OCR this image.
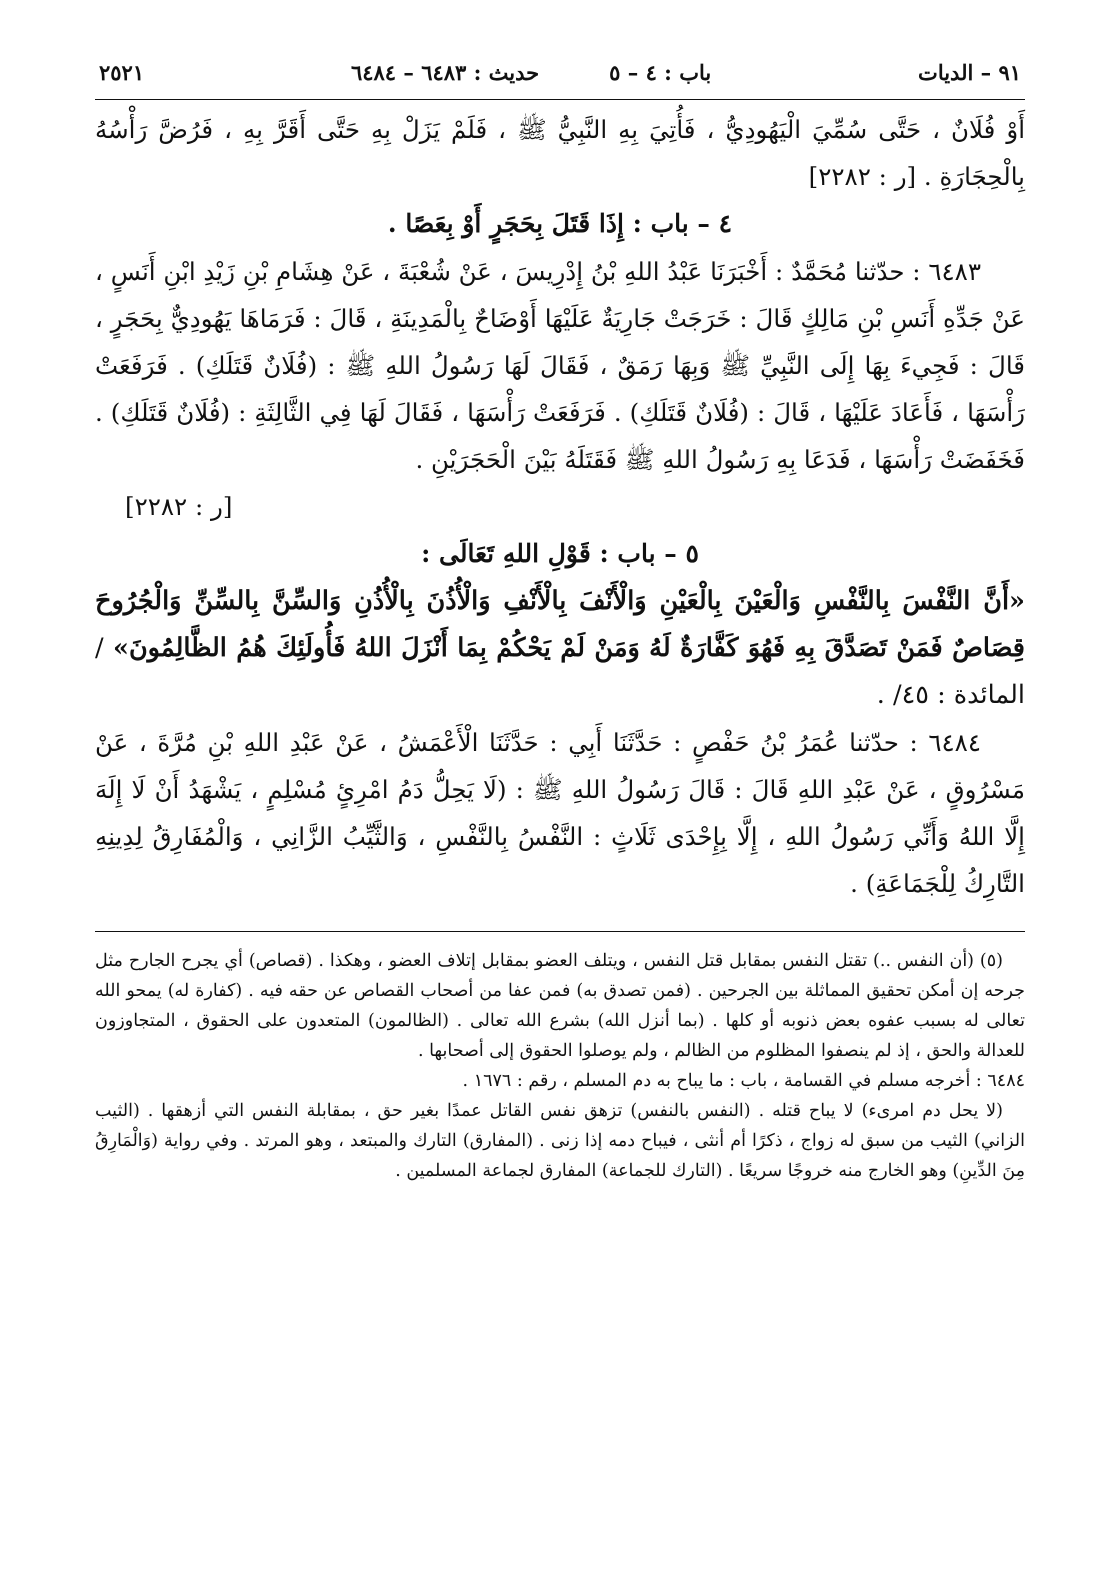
٩١ – الديات
باب : ٤ – ٥
حديث : ٦٤٨٣ – ٦٤٨٤
٢٥٢١

أَوْ فُلَانٌ ، حَتَّى سُمِّيَ الْيَهُودِيُّ ، فَأُتِيَ بِهِ النَّبِيُّ ﷺ ، فَلَمْ يَزَلْ بِهِ حَتَّى أَقَرَّ بِهِ ، فَرُضَّ رَأْسُهُ بِالْحِجَارَةِ . [ر : ٢٢٨٢]

٤ – باب : إِذَا قَتَلَ بِحَجَرٍ أَوْ بِعَصًا .

٦٤٨٣ : حدّثنا مُحَمَّدٌ : أَخْبَرَنَا عَبْدُ اللهِ بْنُ إِدْرِيسَ ، عَنْ شُعْبَةَ ، عَنْ هِشَامِ بْنِ زَيْدِ ابْنِ أَنَسٍ ، عَنْ جَدِّهِ أَنَسِ بْنِ مَالِكٍ قَالَ : خَرَجَتْ جَارِيَةٌ عَلَيْهَا أَوْضَاحٌ بِالْمَدِينَةِ ، قَالَ : فَرَمَاهَا يَهُودِيٌّ بِحَجَرٍ ، قَالَ : فَجِيءَ بِهَا إِلَى النَّبِيِّ ﷺ وَبِهَا رَمَقٌ ، فَقَالَ لَهَا رَسُولُ اللهِ ﷺ : (فُلَانٌ قَتَلَكِ) . فَرَفَعَتْ رَأْسَهَا ، فَأَعَادَ عَلَيْهَا ، قَالَ : (فُلَانٌ قَتَلَكِ) . فَرَفَعَتْ رَأْسَهَا ، فَقَالَ لَهَا فِي الثَّالِثَةِ : (فُلَانٌ قَتَلَكِ) . فَخَفَضَتْ رَأْسَهَا ، فَدَعَا بِهِ رَسُولُ اللهِ ﷺ فَقَتَلَهُ بَيْنَ الْحَجَرَيْنِ .

[ر : ٢٢٨٢]

٥ – باب : قَوْلِ اللهِ تَعَالَى :

«أَنَّ النَّفْسَ بِالنَّفْسِ وَالْعَيْنَ بِالْعَيْنِ وَالْأَنْفَ بِالْأَنْفِ وَالْأُذُنَ بِالْأُذُنِ وَالسِّنَّ بِالسِّنِّ وَالْجُرُوحَ قِصَاصٌ فَمَنْ تَصَدَّقَ بِهِ فَهُوَ كَفَّارَةٌ لَهُ وَمَنْ لَمْ يَحْكُمْ بِمَا أَنْزَلَ اللهُ فَأُولَئِكَ هُمُ الظَّالِمُونَ» /المائدة : ٤٥/ .

٦٤٨٤ : حدّثنا عُمَرُ بْنُ حَفْصٍ : حَدَّثَنَا أَبِي : حَدَّثَنَا الْأَعْمَشُ ، عَنْ عَبْدِ اللهِ بْنِ مُرَّةَ ، عَنْ مَسْرُوقٍ ، عَنْ عَبْدِ اللهِ قَالَ : قَالَ رَسُولُ اللهِ ﷺ : (لَا يَحِلُّ دَمُ امْرِئٍ مُسْلِمٍ ، يَشْهَدُ أَنْ لَا إِلَهَ إِلَّا اللهُ وَأَنِّي رَسُولُ اللهِ ، إِلَّا بِإِحْدَى ثَلَاثٍ : النَّفْسُ بِالنَّفْسِ ، وَالثَّيِّبُ الزَّانِي ، وَالْمُفَارِقُ لِدِينِهِ التَّارِكُ لِلْجَمَاعَةِ) .

(٥) (أن النفس ..) تقتل النفس بمقابل قتل النفس ، ويتلف العضو بمقابل إتلاف العضو ، وهكذا . (قصاص) أي يجرح الجارح مثل جرحه إن أمكن تحقيق المماثلة بين الجرحين . (فمن تصدق به) فمن عفا من أصحاب القصاص عن حقه فيه . (كفارة له) يمحو الله تعالى له بسبب عفوه بعض ذنوبه أو كلها . (بما أنزل الله) بشرع الله تعالى . (الظالمون) المتعدون على الحقوق ، المتجاوزون للعدالة والحق ، إذ لم ينصفوا المظلوم من الظالم ، ولم يوصلوا الحقوق إلى أصحابها .

٦٤٨٤ : أخرجه مسلم في القسامة ، باب : ما يباح به دم المسلم ، رقم : ١٦٧٦ .

(لا يحل دم امرىء) لا يباح قتله . (النفس بالنفس) تزهق نفس القاتل عمدًا بغير حق ، بمقابلة النفس التي أزهقها . (الثيب الزاني) الثيب من سبق له زواج ، ذكرًا أم أنثى ، فيباح دمه إذا زنى . (المفارق) التارك والمبتعد ، وهو المرتد . وفي رواية (وَالْمَارِقُ مِنَ الدِّينِ) وهو الخارج منه خروجًا سريعًا . (التارك للجماعة) المفارق لجماعة المسلمين .
